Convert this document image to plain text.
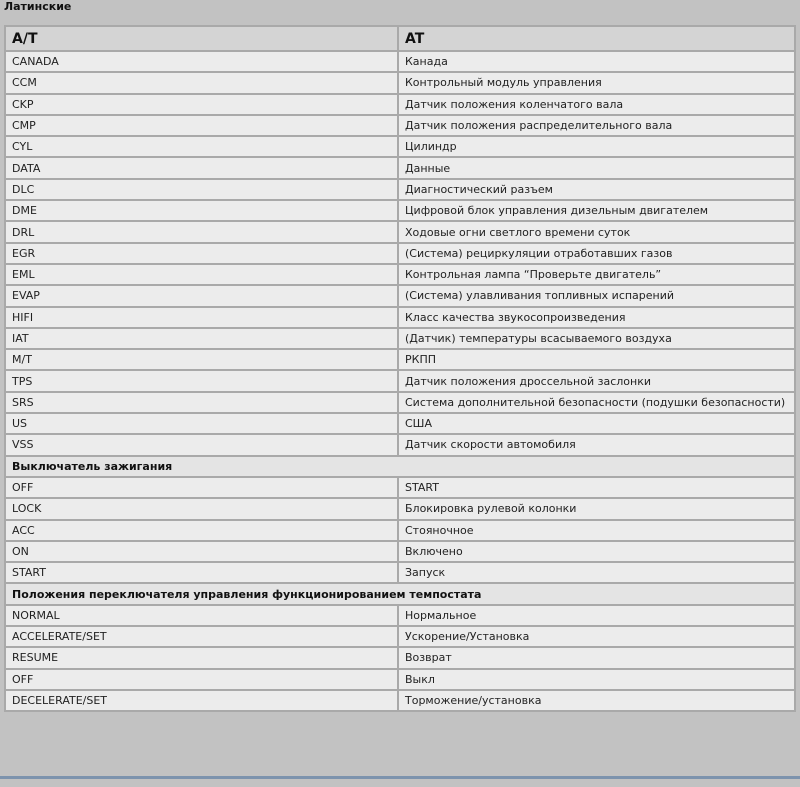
Латинские
A/T	AT
CANADA	Канада
CCM	Контрольный модуль управления
CKP	Датчик положения коленчатого вала
CMP	Датчик положения распределительного вала
CYL	Цилиндр
DATA	Данные
DLC	Диагностический разъем
DME	Цифровой блок управления дизельным двигателем
DRL	Ходовые огни светлого времени суток
EGR	(Система) рециркуляции отработавших газов
EML	Контрольная лампа “Проверьте двигатель”
EVAP	(Система) улавливания топливных испарений
HIFI	Класс качества звукосопроизведения
IAT	(Датчик) температуры всасываемого воздуха
M/T	РКПП
TPS	Датчик положения дроссельной заслонки
SRS	Система дополнительной безопасности (подушки безопасности)
US	США
VSS	Датчик скорости автомобиля
Выключатель зажигания	
OFF	START
LOCK	Блокировка рулевой колонки
ACC	Стояночное
ON	Включено
START	Запуск
Положения переключателя управления функционированием темпостата	
NORMAL	Нормальное
ACCELERATE/SET	Ускорение/Установка
RESUME	Возврат
OFF	Выкл
DECELERATE/SET	Торможение/установка
